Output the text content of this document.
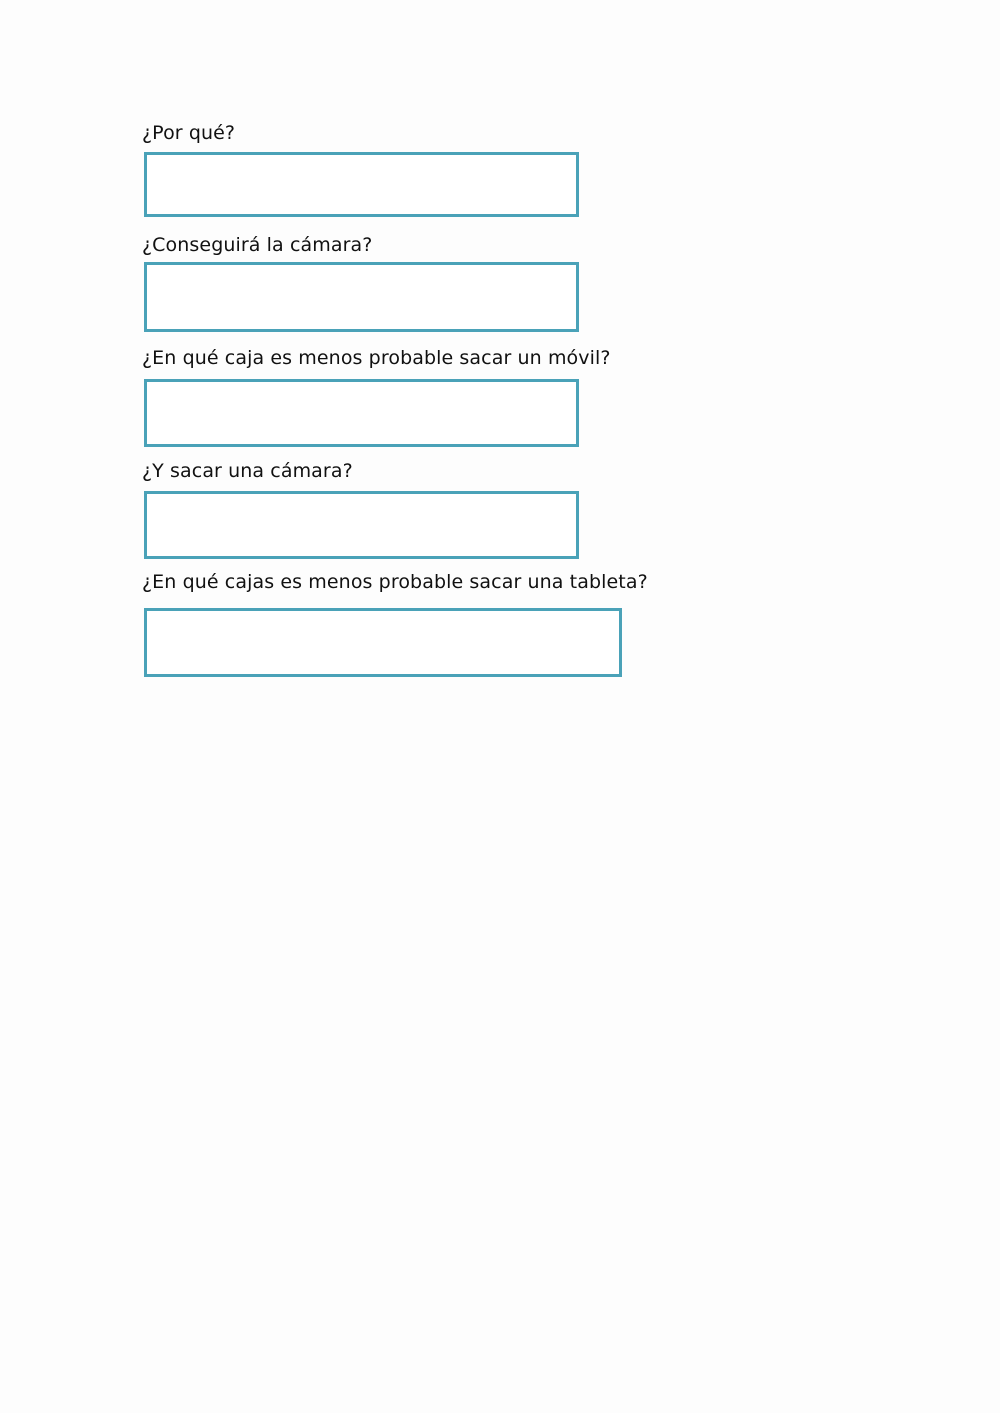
¿Por qué?
¿Conseguirá la cámara?
¿En qué caja es menos probable sacar un móvil?
¿Y sacar una cámara?
¿En qué cajas es menos probable sacar una tableta?
